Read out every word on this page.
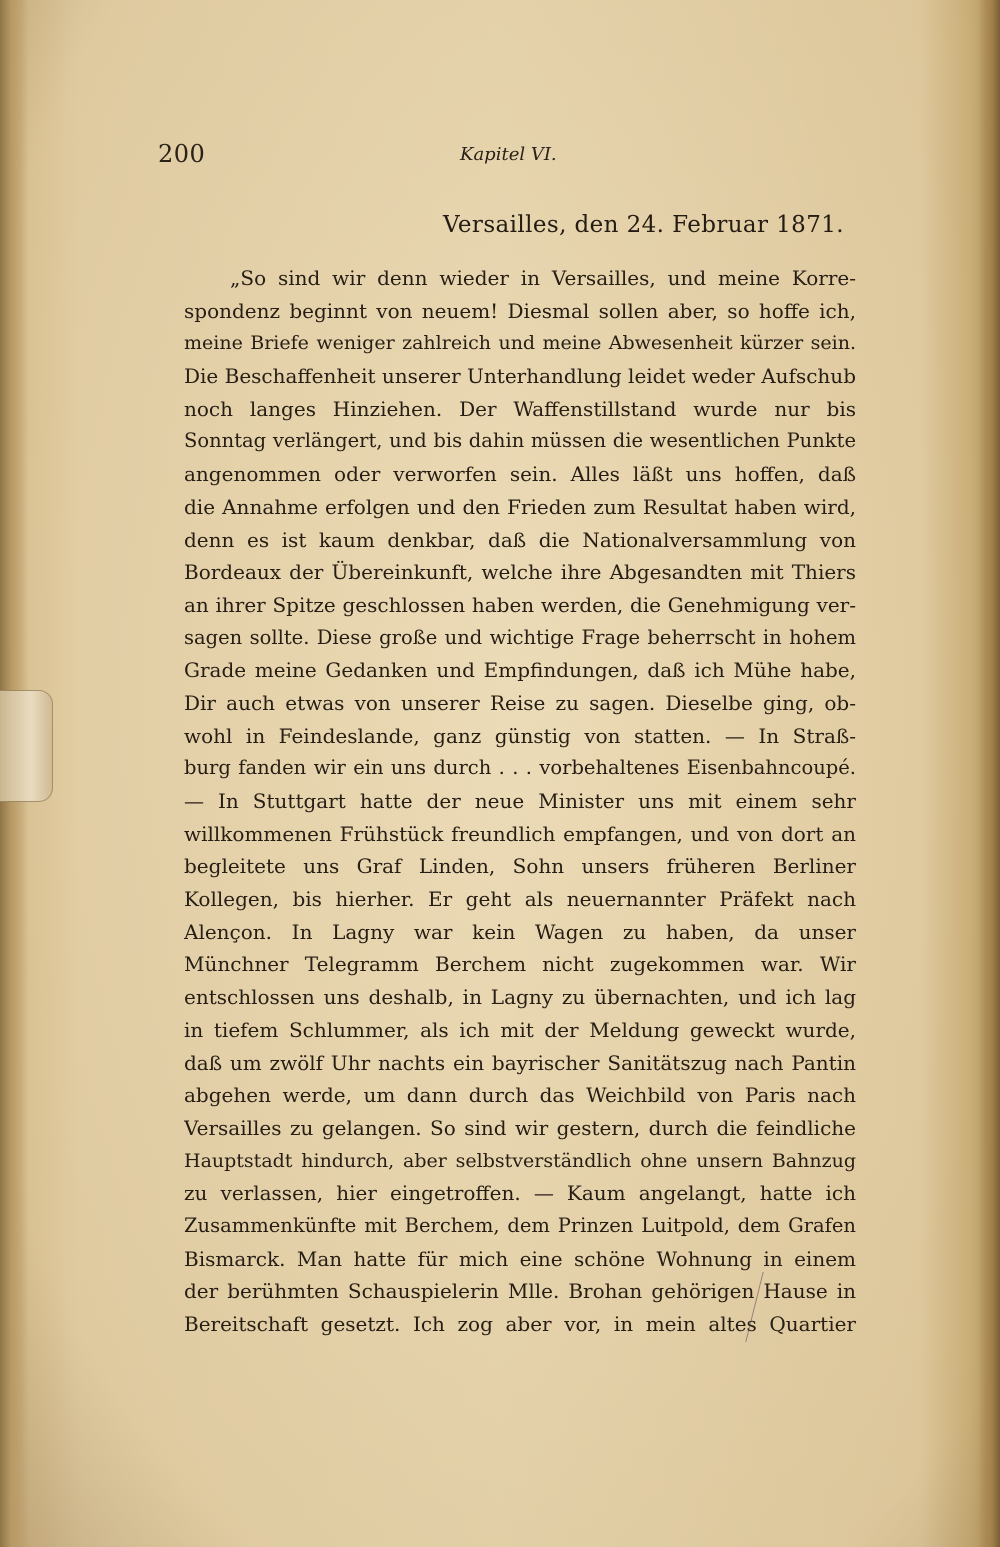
200	Kapitel VI.
Versailles, den 24. Februar 1871.
„So sind wir denn wieder in Versailles, und meine Korre-
spondenz beginnt von neuem! Diesmal sollen aber, so hoffe ich,
meine Briefe weniger zahlreich und meine Abwesenheit kürzer sein.
Die Beschaffenheit unserer Unterhandlung leidet weder Aufschub
noch langes Hinziehen. Der Waffenstillstand wurde nur bis
Sonntag verlängert, und bis dahin müssen die wesentlichen Punkte
angenommen oder verworfen sein. Alles läßt uns hoffen, daß
die Annahme erfolgen und den Frieden zum Resultat haben wird,
denn es ist kaum denkbar, daß die Nationalversammlung von
Bordeaux der Übereinkunft, welche ihre Abgesandten mit Thiers
an ihrer Spitze geschlossen haben werden, die Genehmigung ver-
sagen sollte. Diese große und wichtige Frage beherrscht in hohem
Grade meine Gedanken und Empfindungen, daß ich Mühe habe,
Dir auch etwas von unserer Reise zu sagen. Dieselbe ging, ob-
wohl in Feindeslande, ganz günstig von statten. — In Straß-
burg fanden wir ein uns durch . . . vorbehaltenes Eisenbahncoupé.
— In Stuttgart hatte der neue Minister uns mit einem sehr
willkommenen Frühstück freundlich empfangen, und von dort an
begleitete uns Graf Linden, Sohn unsers früheren Berliner
Kollegen, bis hierher. Er geht als neuernannter Präfekt nach
Alençon. In Lagny war kein Wagen zu haben, da unser
Münchner Telegramm Berchem nicht zugekommen war. Wir
entschlossen uns deshalb, in Lagny zu übernachten, und ich lag
in tiefem Schlummer, als ich mit der Meldung geweckt wurde,
daß um zwölf Uhr nachts ein bayrischer Sanitätszug nach Pantin
abgehen werde, um dann durch das Weichbild von Paris nach
Versailles zu gelangen. So sind wir gestern, durch die feindliche
Hauptstadt hindurch, aber selbstverständlich ohne unsern Bahnzug
zu verlassen, hier eingetroffen. — Kaum angelangt, hatte ich
Zusammenkünfte mit Berchem, dem Prinzen Luitpold, dem Grafen
Bismarck. Man hatte für mich eine schöne Wohnung in einem
der berühmten Schauspielerin Mlle. Brohan gehörigen Hause in
Bereitschaft gesetzt. Ich zog aber vor, in mein altes Quartier
